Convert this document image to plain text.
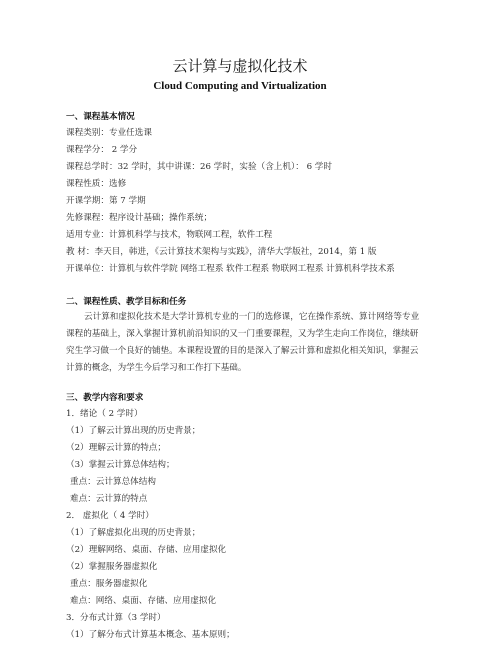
云计算与虚拟化技术
Cloud Computing and Virtualization
一、课程基本情况
课程类别：专业任选课
课程学分： 2 学分
课程总学时：32 学时，其中讲课：26 学时，实验（含上机）： 6 学时
课程性质：选修
开课学期：第 7 学期
先修课程：程序设计基础；操作系统；
适用专业：计算机科学与技术，物联网工程，软件工程
教 材：李天目，韩进，《云计算技术架构与实践》，清华大学版社，2014，第 1 版
开课单位：计算机与软件学院 网络工程系 软件工程系 物联网工程系 计算机科学技术系
二、课程性质、教学目标和任务
云计算和虚拟化技术是大学计算机专业的一门的选修课，它在操作系统、算计网络等专业课程的基础上，深入掌握计算机前沿知识的又一门重要课程，又为学生走向工作岗位，继续研究生学习做一个良好的铺垫。本课程设置的目的是深入了解云计算和虚拟化相关知识，掌握云计算的概念，为学生今后学习和工作打下基础。
三、教学内容和要求
1．绪论（ 2 学时）
（1）了解云计算出现的历史背景；
（2）理解云计算的特点；
（3）掌握云计算总体结构；
重点：云计算总体结构
难点：云计算的特点
2． 虚拟化（ 4 学时）
（1）了解虚拟化出现的历史背景；
（2）理解网络、桌面、存储、应用虚拟化
（2）掌握服务器虚拟化
重点：服务器虚拟化
难点：网络、桌面、存储、应用虚拟化
3．分布式计算（3 学时）
（1）了解分布式计算基本概念、基本原则；
